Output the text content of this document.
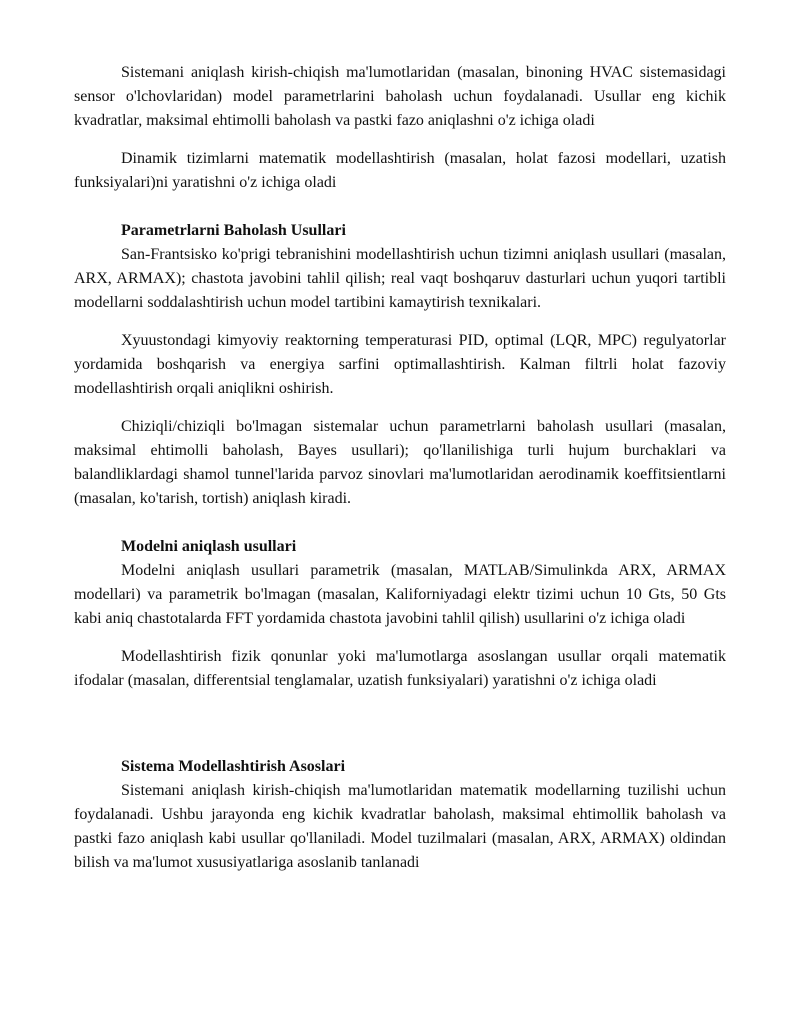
Sistemani aniqlash kirish-chiqish ma'lumotlaridan (masalan, binoning HVAC sistemasidagi sensor o'lchovlaridan) model parametrlarini baholash uchun foydalanadi. Usullar eng kichik kvadratlar, maksimal ehtimolli baholash va pastki fazo aniqlashni o'z ichiga oladi

Dinamik tizimlarni matematik modellashtirish (masalan, holat fazosi modellari, uzatish funksiyalari)ni yaratishni o'z ichiga oladi

Parametrlarni Baholash Usullari

San-Frantsisko ko'prigi tebranishini modellashtirish uchun tizimni aniqlash usullari (masalan, ARX, ARMAX); chastota javobini tahlil qilish; real vaqt boshqaruv dasturlari uchun yuqori tartibli modellarni soddalashtirish uchun model tartibini kamaytirish texnikalari.

Xyuustondagi kimyoviy reaktorning temperaturasi PID, optimal (LQR, MPC) regulyatorlar yordamida boshqarish va energiya sarfini optimallashtirish. Kalman filtrli holat fazoviy modellashtirish orqali aniqlikni oshirish.

Chiziqli/chiziqli bo'lmagan sistemalar uchun parametrlarni baholash usullari (masalan, maksimal ehtimolli baholash, Bayes usullari); qo'llanilishiga turli hujum burchaklari va balandliklardagi shamol tunnel'larida parvoz sinovlari ma'lumotlaridan aerodinamik koeffitsientlarni (masalan, ko'tarish, tortish) aniqlash kiradi.

Modelni aniqlash usullari

Modelni aniqlash usullari parametrik (masalan, MATLAB/Simulinkda ARX, ARMAX modellari) va parametrik bo'lmagan (masalan, Kaliforniyadagi elektr tizimi uchun 10 Gts, 50 Gts kabi aniq chastotalarda FFT yordamida chastota javobini tahlil qilish) usullarini o'z ichiga oladi

Modellashtirish fizik qonunlar yoki ma'lumotlarga asoslangan usullar orqali matematik ifodalar (masalan, differentsial tenglamalar, uzatish funksiyalari) yaratishni o'z ichiga oladi

Sistema Modellashtirish Asoslari

Sistemani aniqlash kirish-chiqish ma'lumotlaridan matematik modellarning tuzilishi uchun foydalanadi. Ushbu jarayonda eng kichik kvadratlar baholash, maksimal ehtimollik baholash va pastki fazo aniqlash kabi usullar qo'llaniladi. Model tuzilmalari (masalan, ARX, ARMAX) oldindan bilish va ma'lumot xususiyatlariga asoslanib tanlanadi
